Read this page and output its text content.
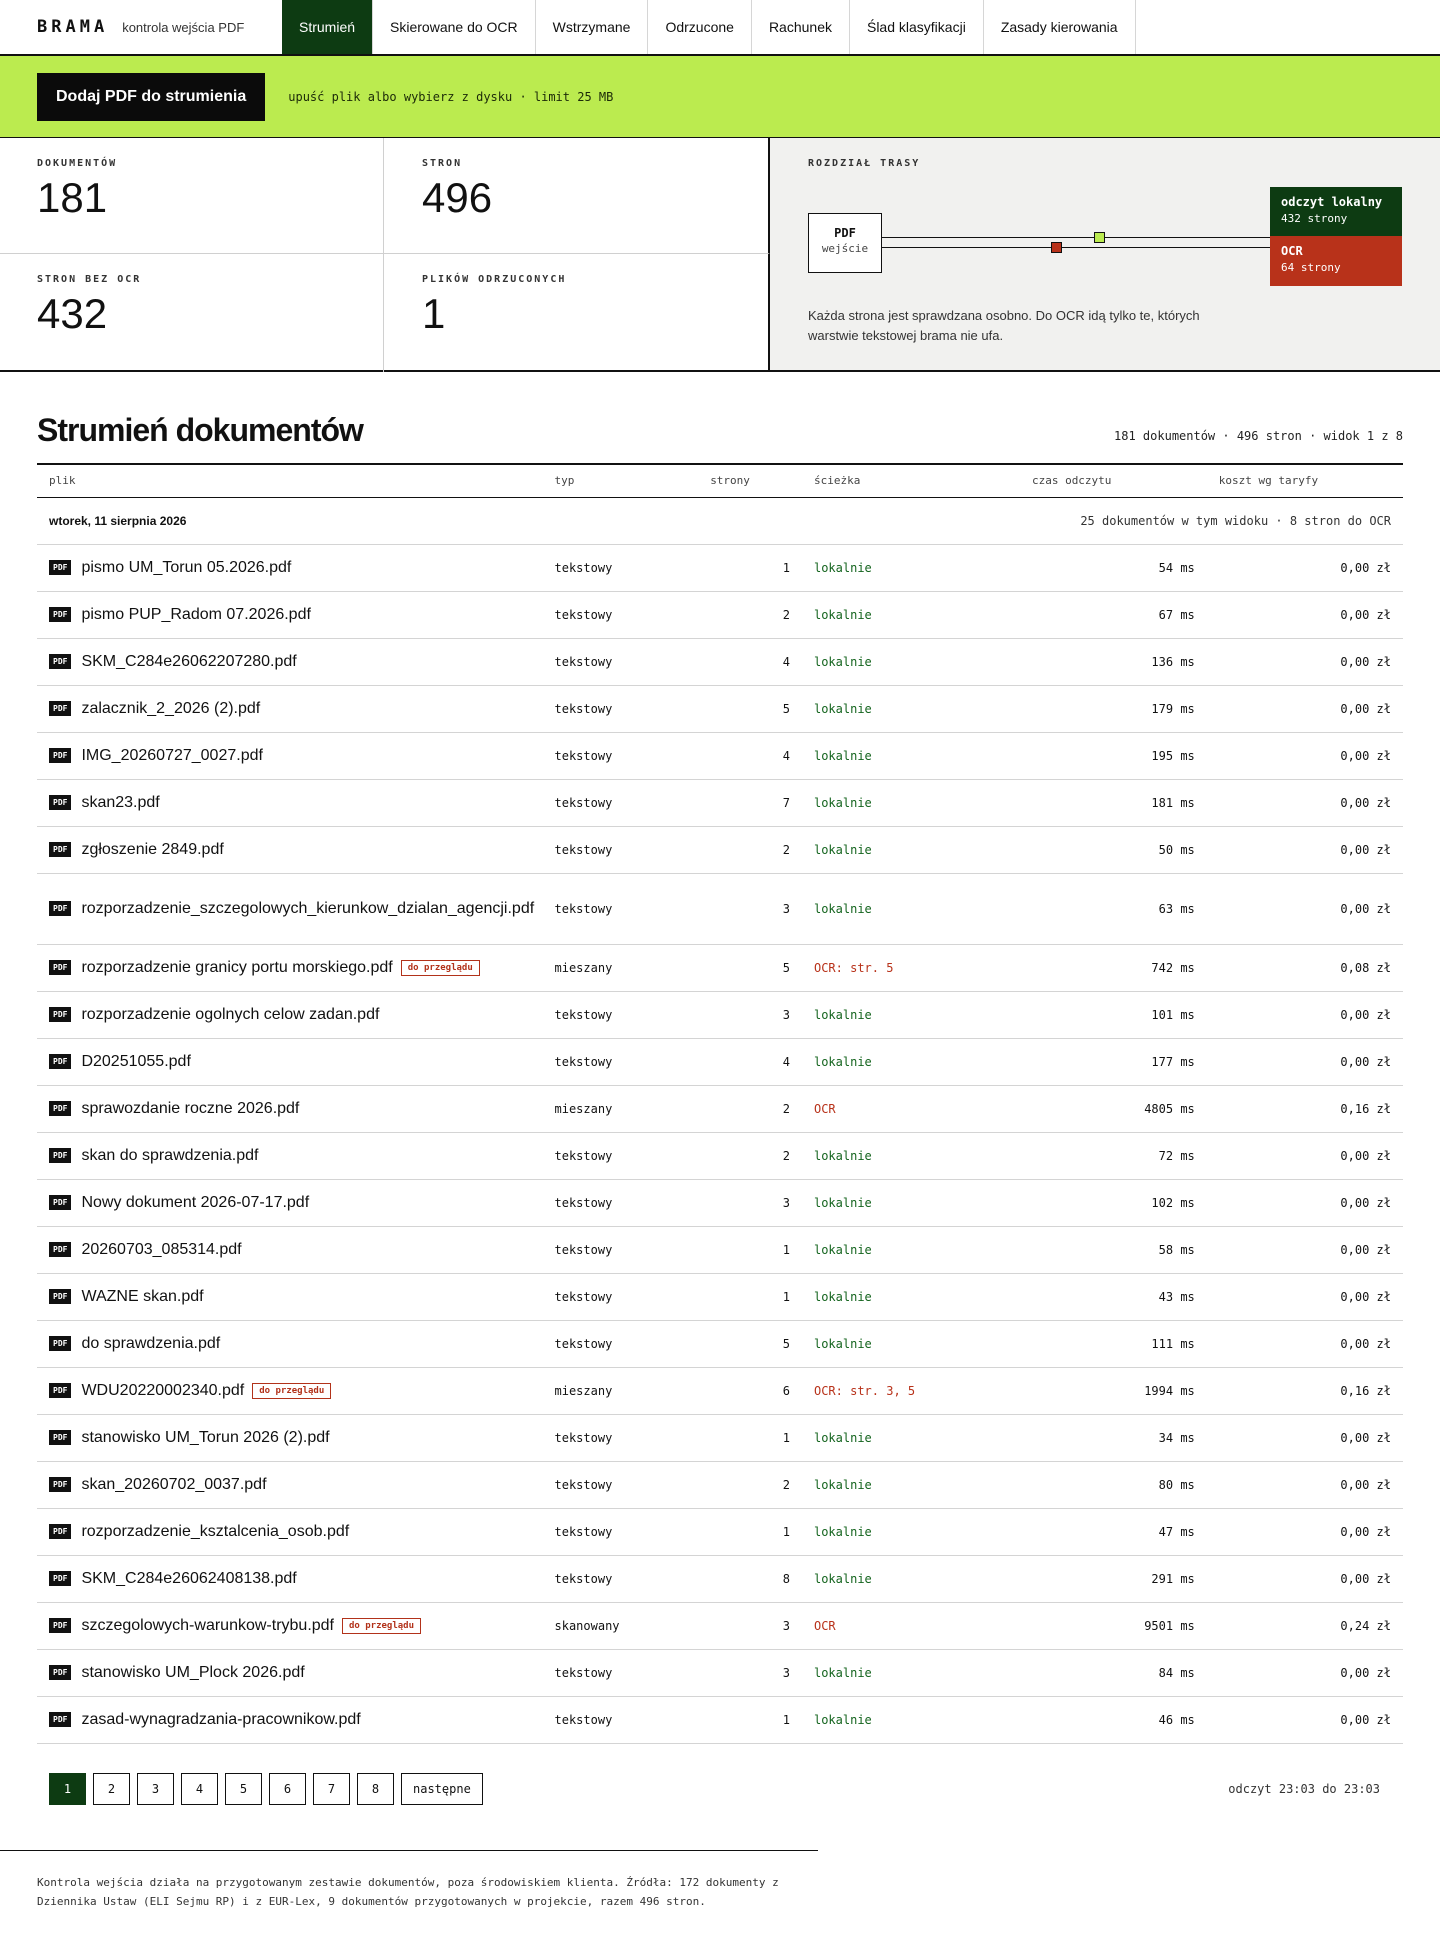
BRAMA kontrola wejścia PDF	Strumień	Skierowane do OCR	Wstrzymane	Odrzucone	Rachunek	Ślad klasyfikacji	Zasady kierowania
Dodaj PDF do strumienia	upuść plik albo wybierz z dysku · limit 25 MB
DOKUMENTÓW
181
STRON
496
STRON BEZ OCR
432
PLIKÓW ODRZUCONYCH
1
ROZDZIAŁ TRASY
PDF
wejście
odczyt lokalny
432 strony
OCR
64 strony
Każda strona jest sprawdzana osobno. Do OCR idą tylko te, których warstwie tekstowej brama nie ufa.
Strumień dokumentów	181 dokumentów · 496 stron · widok 1 z 8
plik	typ	strony	ścieżka	czas odczytu	koszt wg taryfy
wtorek, 11 sierpnia 2026			25 dokumentów w tym widoku · 8 stron do OCR		

PDF pismo UM_Torun 05.2026.pdf	tekstowy	1	lokalnie	54 ms	0,00 zł

PDF pismo PUP_Radom 07.2026.pdf	tekstowy	2	lokalnie	67 ms	0,00 zł

PDF SKM_C284e26062207280.pdf	tekstowy	4	lokalnie	136 ms	0,00 zł

PDF zalacznik_2_2026 (2).pdf	tekstowy	5	lokalnie	179 ms	0,00 zł

PDF IMG_20260727_0027.pdf	tekstowy	4	lokalnie	195 ms	0,00 zł

PDF skan23.pdf	tekstowy	7	lokalnie	181 ms	0,00 zł

PDF zgłoszenie 2849.pdf	tekstowy	2	lokalnie	50 ms	0,00 zł

PDF rozporzadzenie_szczegolowych_kierunkow_dzialan_agencji.pdf	tekstowy	3	lokalnie	63 ms	0,00 zł

PDF rozporzadzenie granicy portu morskiego.pdf do przeglądu	mieszany	5	OCR: str. 5	742 ms	0,08 zł

PDF rozporzadzenie ogolnych celow zadan.pdf	tekstowy	3	lokalnie	101 ms	0,00 zł

PDF D20251055.pdf	tekstowy	4	lokalnie	177 ms	0,00 zł

PDF sprawozdanie roczne 2026.pdf	mieszany	2	OCR	4805 ms	0,16 zł

PDF skan do sprawdzenia.pdf	tekstowy	2	lokalnie	72 ms	0,00 zł

PDF Nowy dokument 2026-07-17.pdf	tekstowy	3	lokalnie	102 ms	0,00 zł

PDF 20260703_085314.pdf	tekstowy	1	lokalnie	58 ms	0,00 zł

PDF WAZNE skan.pdf	tekstowy	1	lokalnie	43 ms	0,00 zł

PDF do sprawdzenia.pdf	tekstowy	5	lokalnie	111 ms	0,00 zł

PDF WDU20220002340.pdf do przeglądu	mieszany	6	OCR: str. 3, 5	1994 ms	0,16 zł

PDF stanowisko UM_Torun 2026 (2).pdf	tekstowy	1	lokalnie	34 ms	0,00 zł

PDF skan_20260702_0037.pdf	tekstowy	2	lokalnie	80 ms	0,00 zł

PDF rozporzadzenie_ksztalcenia_osob.pdf	tekstowy	1	lokalnie	47 ms	0,00 zł

PDF SKM_C284e26062408138.pdf	tekstowy	8	lokalnie	291 ms	0,00 zł

PDF szczegolowych-warunkow-trybu.pdf do przeglądu	skanowany	3	OCR	9501 ms	0,24 zł

PDF stanowisko UM_Plock 2026.pdf	tekstowy	3	lokalnie	84 ms	0,00 zł

PDF zasad-wynagradzania-pracownikow.pdf	tekstowy	1	lokalnie	46 ms	0,00 zł
1	2	3	4	5	6	7	8	następne	odczyt 23:03 do 23:03
Kontrola wejścia działa na przygotowanym zestawie dokumentów, poza środowiskiem klienta. Źródła: 172 dokumenty z Dziennika Ustaw (ELI Sejmu RP) i z EUR-Lex, 9 dokumentów przygotowanych w projekcie, razem 496 stron.
